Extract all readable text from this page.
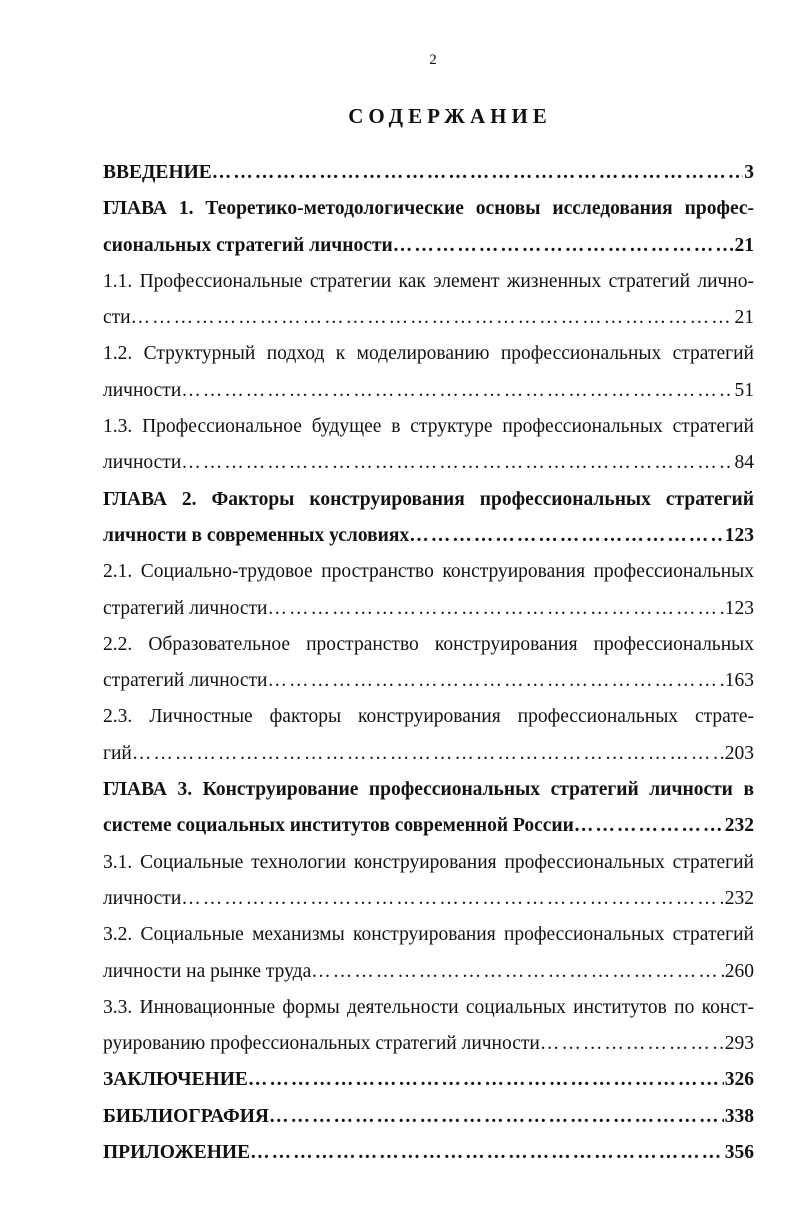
2
СОДЕРЖАНИЕ
ВВЕДЕНИЕ ……………………………………………………………………………………………………………………………………………………………………	3
ГЛАВА 1. Теоретико-методологические основы исследования профес-
сиональных стратегий личности ……………………………………………………………………………………………………………………………………………………………………	21
1.1. Профессиональные стратегии как элемент жизненных стратегий лично-
сти ……………………………………………………………………………………………………………………………………………………………………	21
1.2. Структурный подход к моделированию профессиональных стратегий
личности ……………………………………………………………………………………………………………………………………………………………………	51
1.3. Профессиональное будущее в структуре профессиональных стратегий
личности ……………………………………………………………………………………………………………………………………………………………………	84
ГЛАВА 2. Факторы конструирования профессиональных стратегий
личности в современных условиях ……………………………………………………………………………………………………………………………………………………………………	123
2.1. Социально-трудовое пространство конструирования профессиональных
стратегий личности ……………………………………………………………………………………………………………………………………………………………………	123
2.2. Образовательное пространство конструирования профессиональных
стратегий личности ……………………………………………………………………………………………………………………………………………………………………	163
2.3. Личностные факторы конструирования профессиональных страте-
гий ……………………………………………………………………………………………………………………………………………………………………	203
ГЛАВА 3. Конструирование профессиональных стратегий личности в
системе социальных институтов современной России ……………………………………………………………………………………………………………………………………………………………………	232
3.1. Социальные технологии конструирования профессиональных стратегий
личности ……………………………………………………………………………………………………………………………………………………………………	232
3.2. Социальные механизмы конструирования профессиональных стратегий
личности на рынке труда ……………………………………………………………………………………………………………………………………………………………………	260
3.3. Инновационные формы деятельности социальных институтов по конст-
руированию профессиональных стратегий личности ……………………………………………………………………………………………………………………………………………………………………	293
ЗАКЛЮЧЕНИЕ ……………………………………………………………………………………………………………………………………………………………………	326
БИБЛИОГРАФИЯ ……………………………………………………………………………………………………………………………………………………………………	338
ПРИЛОЖЕНИЕ ……………………………………………………………………………………………………………………………………………………………………	356
